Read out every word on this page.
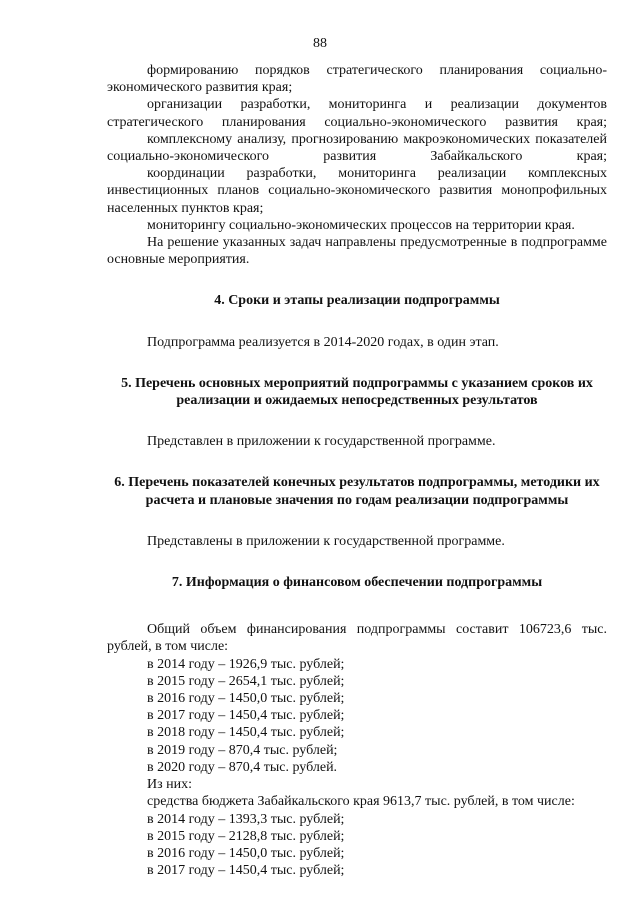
88

формированию порядков стратегического планирования социально-экономического развития края;

организации разработки, мониторинга и реализации документов стратегического планирования социально-экономического развития края;

комплексному анализу, прогнозированию макроэкономических показателей социально-экономического развития Забайкальского края;

координации разработки, мониторинга реализации комплексных инвестиционных планов социально-экономического развития монопрофильных населенных пунктов края;

мониторингу социально-экономических процессов на территории края.

На решение указанных задач направлены предусмотренные в подпрограмме основные мероприятия.

4. Сроки и этапы реализации подпрограммы

Подпрограмма реализуется в 2014-2020 годах, в один этап.

5. Перечень основных мероприятий подпрограммы с указанием сроков их реализации и ожидаемых непосредственных результатов

Представлен в приложении к государственной программе.

6. Перечень показателей конечных результатов подпрограммы, методики их расчета и плановые значения по годам реализации подпрограммы

Представлены в приложении к государственной программе.

7. Информация о финансовом обеспечении подпрограммы

Общий объем финансирования подпрограммы составит 106723,6 тыс. рублей, в том числе:

в 2014 году – 1926,9 тыс. рублей;

в 2015 году – 2654,1 тыс. рублей;

в 2016 году – 1450,0 тыс. рублей;

в 2017 году – 1450,4 тыс. рублей;

в 2018 году – 1450,4 тыс. рублей;

в 2019 году – 870,4 тыс. рублей;

в 2020 году – 870,4 тыс. рублей.

Из них:

средства бюджета Забайкальского края 9613,7 тыс. рублей, в том числе:

в 2014 году – 1393,3 тыс. рублей;

в 2015 году – 2128,8 тыс. рублей;

в 2016 году – 1450,0 тыс. рублей;

в 2017 году – 1450,4 тыс. рублей;
